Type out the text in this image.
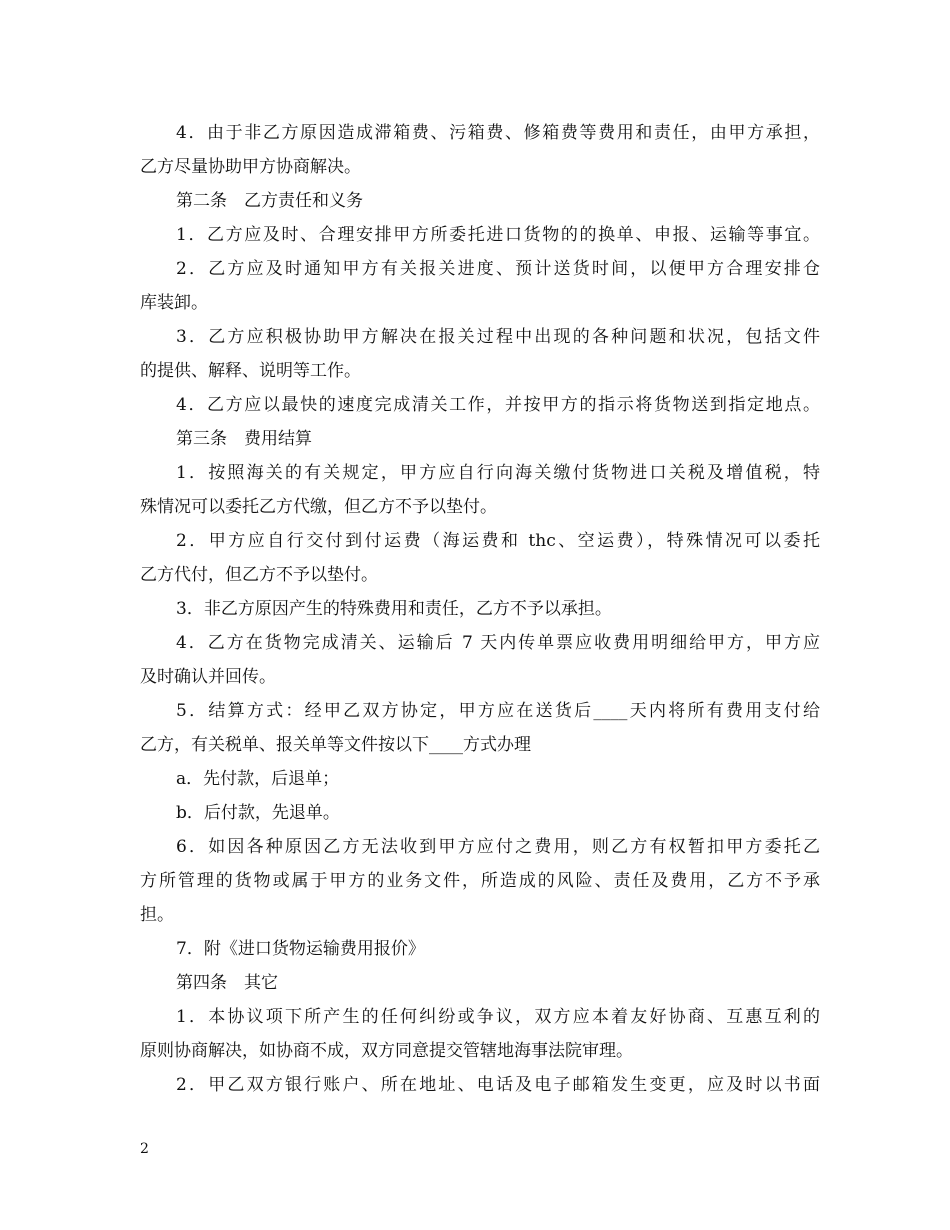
4．由于非乙方原因造成滞箱费、污箱费、修箱费等费用和责任，由甲方承担，
乙方尽量协助甲方协商解决。
第二条　乙方责任和义务
1．乙方应及时、合理安排甲方所委托进口货物的的换单、申报、运输等事宜。
2．乙方应及时通知甲方有关报关进度、预计送货时间，以便甲方合理安排仓
库装卸。
3．乙方应积极协助甲方解决在报关过程中出现的各种问题和状况，包括文件
的提供、解释、说明等工作。
4．乙方应以最快的速度完成清关工作，并按甲方的指示将货物送到指定地点。
第三条　费用结算
1．按照海关的有关规定，甲方应自行向海关缴付货物进口关税及增值税，特
殊情况可以委托乙方代缴，但乙方不予以垫付。
2．甲方应自行交付到付运费（海运费和 thc、空运费），特殊情况可以委托
乙方代付，但乙方不予以垫付。
3．非乙方原因产生的特殊费用和责任，乙方不予以承担。
4．乙方在货物完成清关、运输后 7 天内传单票应收费用明细给甲方，甲方应
及时确认并回传。
5．结算方式：经甲乙双方协定，甲方应在送货后____天内将所有费用支付给
乙方，有关税单、报关单等文件按以下____方式办理
a．先付款，后退单；
b．后付款，先退单。
6．如因各种原因乙方无法收到甲方应付之费用，则乙方有权暂扣甲方委托乙
方所管理的货物或属于甲方的业务文件，所造成的风险、责任及费用，乙方不予承
担。
7．附《进口货物运输费用报价》
第四条　其它
1．本协议项下所产生的任何纠纷或争议，双方应本着友好协商、互惠互利的
原则协商解决，如协商不成，双方同意提交管辖地海事法院审理。
2．甲乙双方银行账户、所在地址、电话及电子邮箱发生变更，应及时以书面
2
